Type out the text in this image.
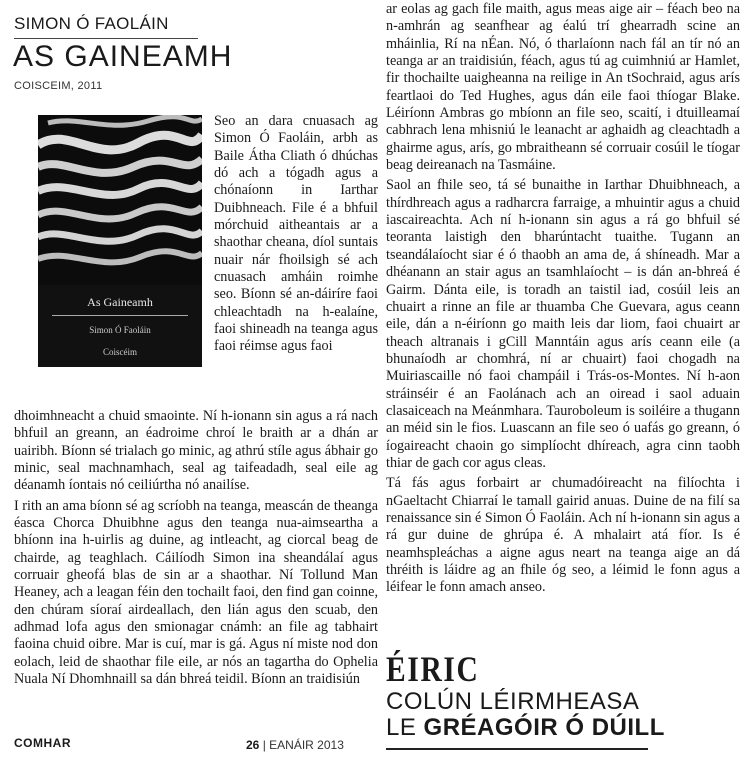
SIMON Ó FAOLÁIN
AS GAINEAMH
COISCEIM, 2011
As Gaineamh
Simon Ó Faoláin
Coiscéim

Seo an dara cnuasach ag Simon Ó Faoláin, arbh as Baile Átha Cliath ó dhúchas dó ach a tógadh agus a chónaíonn in Iarthar Duibhneach. File é a bhfuil mórchuid aitheantais ar a shaothar cheana, díol suntais nuair nár fhoilsigh sé ach cnuasach amháin roimhe seo. Bíonn sé an-dáiríre faoi chleachtadh na h-ealaíne, faoi shineadh na teanga agus faoi réimse agus faoi

dhoimhneacht a chuid smaointe. Ní h-ionann sin agus a rá nach bhfuil an greann, an éadroime chroí le braith ar a dhán ar uairibh. Bíonn sé trialach go minic, ag athrú stíle agus ábhair go minic, seal machnamhach, seal ag taifeadadh, seal eile ag déanamh íontais nó ceiliúrtha nó anailíse.

I rith an ama bíonn sé ag scríobh na teanga, meascán de theanga éasca Chorca Dhuibhne agus den teanga nua-aimseartha a bhíonn ina h-uirlis ag duine, ag intleacht, ag ciorcal beag de chairde, ag teaghlach. Cáilíodh Simon ina sheandálaí agus corruair gheofá blas de sin ar a shaothar. Ní Tollund Man Heaney, ach a leagan féin den tochailt faoi, den find gan coinne, den chúram síoraí airdeallach, den lián agus den scuab, den adhmad lofa agus den smionagar cnámh: an file ag tabhairt faoina chuid oibre. Mar is cuí, mar is gá. Agus ní miste nod don eolach, leid de shaothar file eile, ar nós an tagartha do Ophelia Nuala Ní Dhomhnaill sa dán bhreá teidil. Bíonn an traidisiún

ar eolas ag gach file maith, agus meas aige air – féach beo na n-amhrán ag seanfhear ag éalú trí ghearradh scine an mháinlia, Rí na nÉan. Nó, ó tharlaíonn nach fál an tír nó an teanga ar an traidisiún, féach, agus tú ag cuimhniú ar Hamlet, fir thochailte uaigheanna na reilige in An tSochraid, agus arís feartlaoi do Ted Hughes, agus dán eile faoi thíogar Blake. Léiríonn Ambras go mbíonn an file seo, scaití, i dtuilleamaí cabhrach lena mhisniú le leanacht ar aghaidh ag cleachtadh a ghairme agus, arís, go mbraitheann sé corruair cosúil le tíogar beag deireanach na Tasmáine.

Saol an fhile seo, tá sé bunaithe in Iarthar Dhuibhneach, a thírdhreach agus a radharcra farraige, a mhuintir agus a chuid iascaireachta. Ach ní h-ionann sin agus a rá go bhfuil sé teoranta laistigh den bharúntacht tuaithe. Tugann an tseandálaíocht siar é ó thaobh an ama de, á shíneadh. Mar a dhéanann an stair agus an tsamhlaíocht – is dán an-bhreá é Gairm. Dánta eile, is toradh an taistil iad, cosúil leis an chuairt a rinne an file ar thuamba Che Guevara, agus ceann eile, dán a n-éiríonn go maith leis dar liom, faoi chuairt ar theach altranais i gCill Manntáin agus arís ceann eile (a bhunaíodh ar chomhrá, ní ar chuairt) faoi chogadh na Muiriascaille nó faoi champáil i Trás-os-Montes. Ní h-aon stráinséir é an Faolánach ach an oiread i saol aduain clasaiceach na Meánmhara. Tauroboleum is soiléire a thugann an méid sin le fios. Luascann an file seo ó uafás go greann, ó íogaireacht chaoin go simplíocht dhíreach, agra cinn taobh thiar de gach cor agus cleas.

Tá fás agus forbairt ar chumadóireacht na filíochta i nGaeltacht Chiarraí le tamall gairid anuas. Duine de na filí sa renaissance sin é Simon Ó Faoláin. Ach ní h-ionann sin agus a rá gur duine de ghrúpa é. A mhalairt atá fíor. Is é neamhspleáchas a aigne agus neart na teanga aige an dá thréith is láidre ag an fhile óg seo, a léimid le fonn agus a léifear le fonn amach anseo.

COMHAR	26 | EANÁIR 2013
ÉIRIC
COLÚN LÉIRMHEASA
LE GRÉAGÓIR Ó DÚILL
